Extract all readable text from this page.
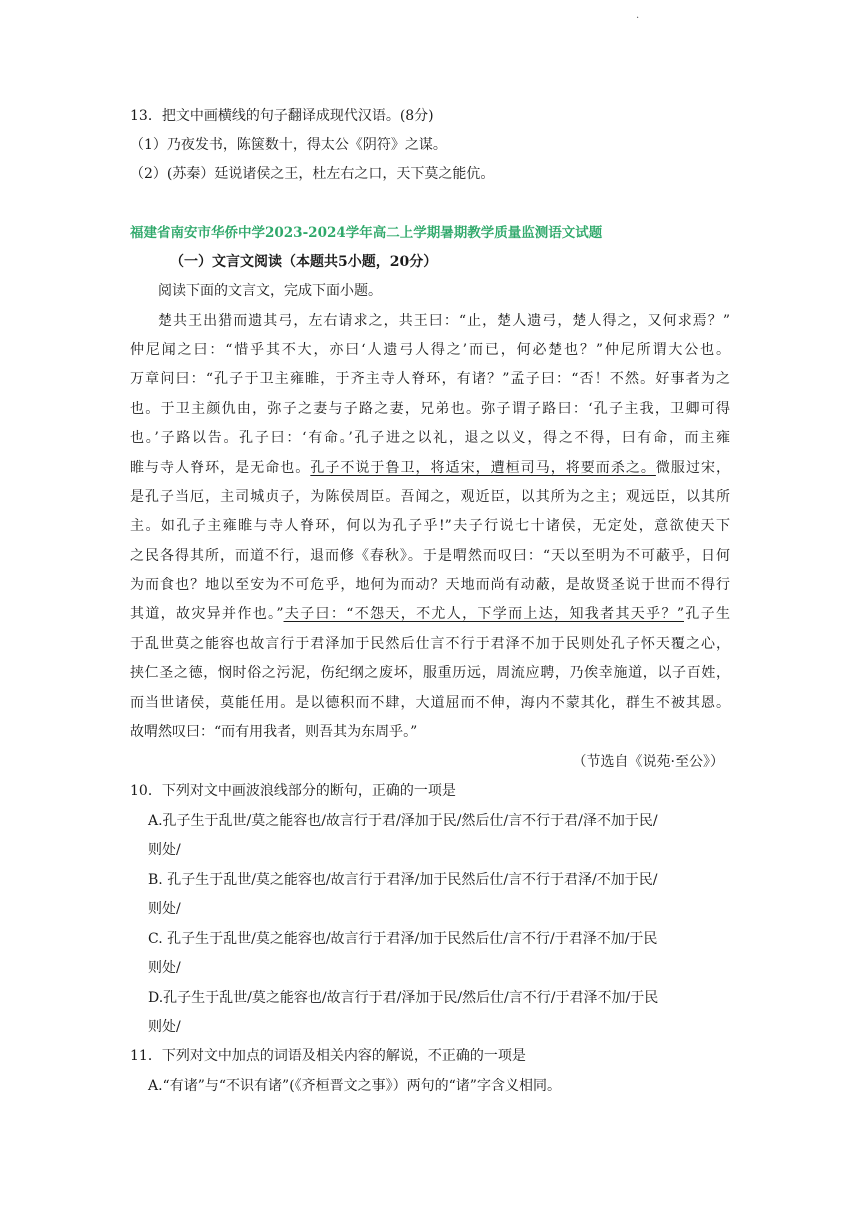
.
13．把文中画横线的句子翻译成现代汉语。(8分)
（1）乃夜发书，陈箧数十，得太公《阴符》之谋。
（2）(苏秦）廷说诸侯之王，杜左右之口，天下莫之能伉。
福建省南安市华侨中学2023-2024学年高二上学期暑期教学质量监测语文试题
（一）文言文阅读（本题共5小题，20分）
阅读下面的文言文，完成下面小题。
楚共王出猎而遗其弓，左右请求之，共王曰：“止，楚人遗弓，楚人得之，又何求焉？”
仲尼闻之曰：“惜乎其不大，亦曰‘人遗弓人得之’而已，何必楚也？”仲尼所谓大公也。
万章问曰：“孔子于卫主雍睢，于齐主寺人脊环，有诸？”孟子曰：“否！不然。好事者为之
也。于卫主颜仇由，弥子之妻与子路之妻，兄弟也。弥子谓子路曰：‘孔子主我，卫卿可得
也。’子路以告。孔子曰：‘有命。’孔子进之以礼，退之以义，得之不得，曰有命，而主雍
睢与寺人脊环，是无命也。孔子不说于鲁卫，将适宋，遭桓司马，将要而杀之。微服过宋，
是孔子当厄，主司城贞子，为陈侯周臣。吾闻之，观近臣，以其所为之主；观远臣，以其所
主。如孔子主雍睢与寺人脊环，何以为孔子乎!”夫子行说七十诸侯，无定处，意欲使天下
之民各得其所，而道不行，退而修《春秋》。于是喟然而叹曰：“天以至明为不可蔽乎，日何
为而食也？地以至安为不可危乎，地何为而动？天地而尚有动蔽，是故贤圣说于世而不得行
其道，故灾异并作也。”夫子曰：“不怨天，不尤人，下学而上达，知我者其天乎？”孔子生
于乱世莫之能容也故言行于君泽加于民然后仕言不行于君泽不加于民则处孔子怀天覆之心，
挟仁圣之德，悯时俗之污泥，伤纪纲之废坏，服重历远，周流应聘，乃俟幸施道，以子百姓，
而当世诸侯，莫能任用。是以德积而不肆，大道屈而不伸，海内不蒙其化，群生不被其恩。
故喟然叹曰：“而有用我者，则吾其为东周乎。”
（节选自《说苑·至公》）
10．下列对文中画波浪线部分的断句，正确的一项是
A.孔子生于乱世/莫之能容也/故言行于君/泽加于民/然后仕/言不行于君/泽不加于民/
则处/
B. 孔子生于乱世/莫之能容也/故言行于君泽/加于民然后仕/言不行于君泽/不加于民/
则处/
C. 孔子生于乱世/莫之能容也/故言行于君泽/加于民然后仕/言不行/于君泽不加/于民
则处/
D.孔子生于乱世/莫之能容也/故言行于君/泽加于民/然后仕/言不行/于君泽不加/于民
则处/
11．下列对文中加点的词语及相关内容的解说，不正确的一项是
A.“有诸”与“不识有诸”(《齐桓晋文之事》）两句的“诸”字含义相同。
